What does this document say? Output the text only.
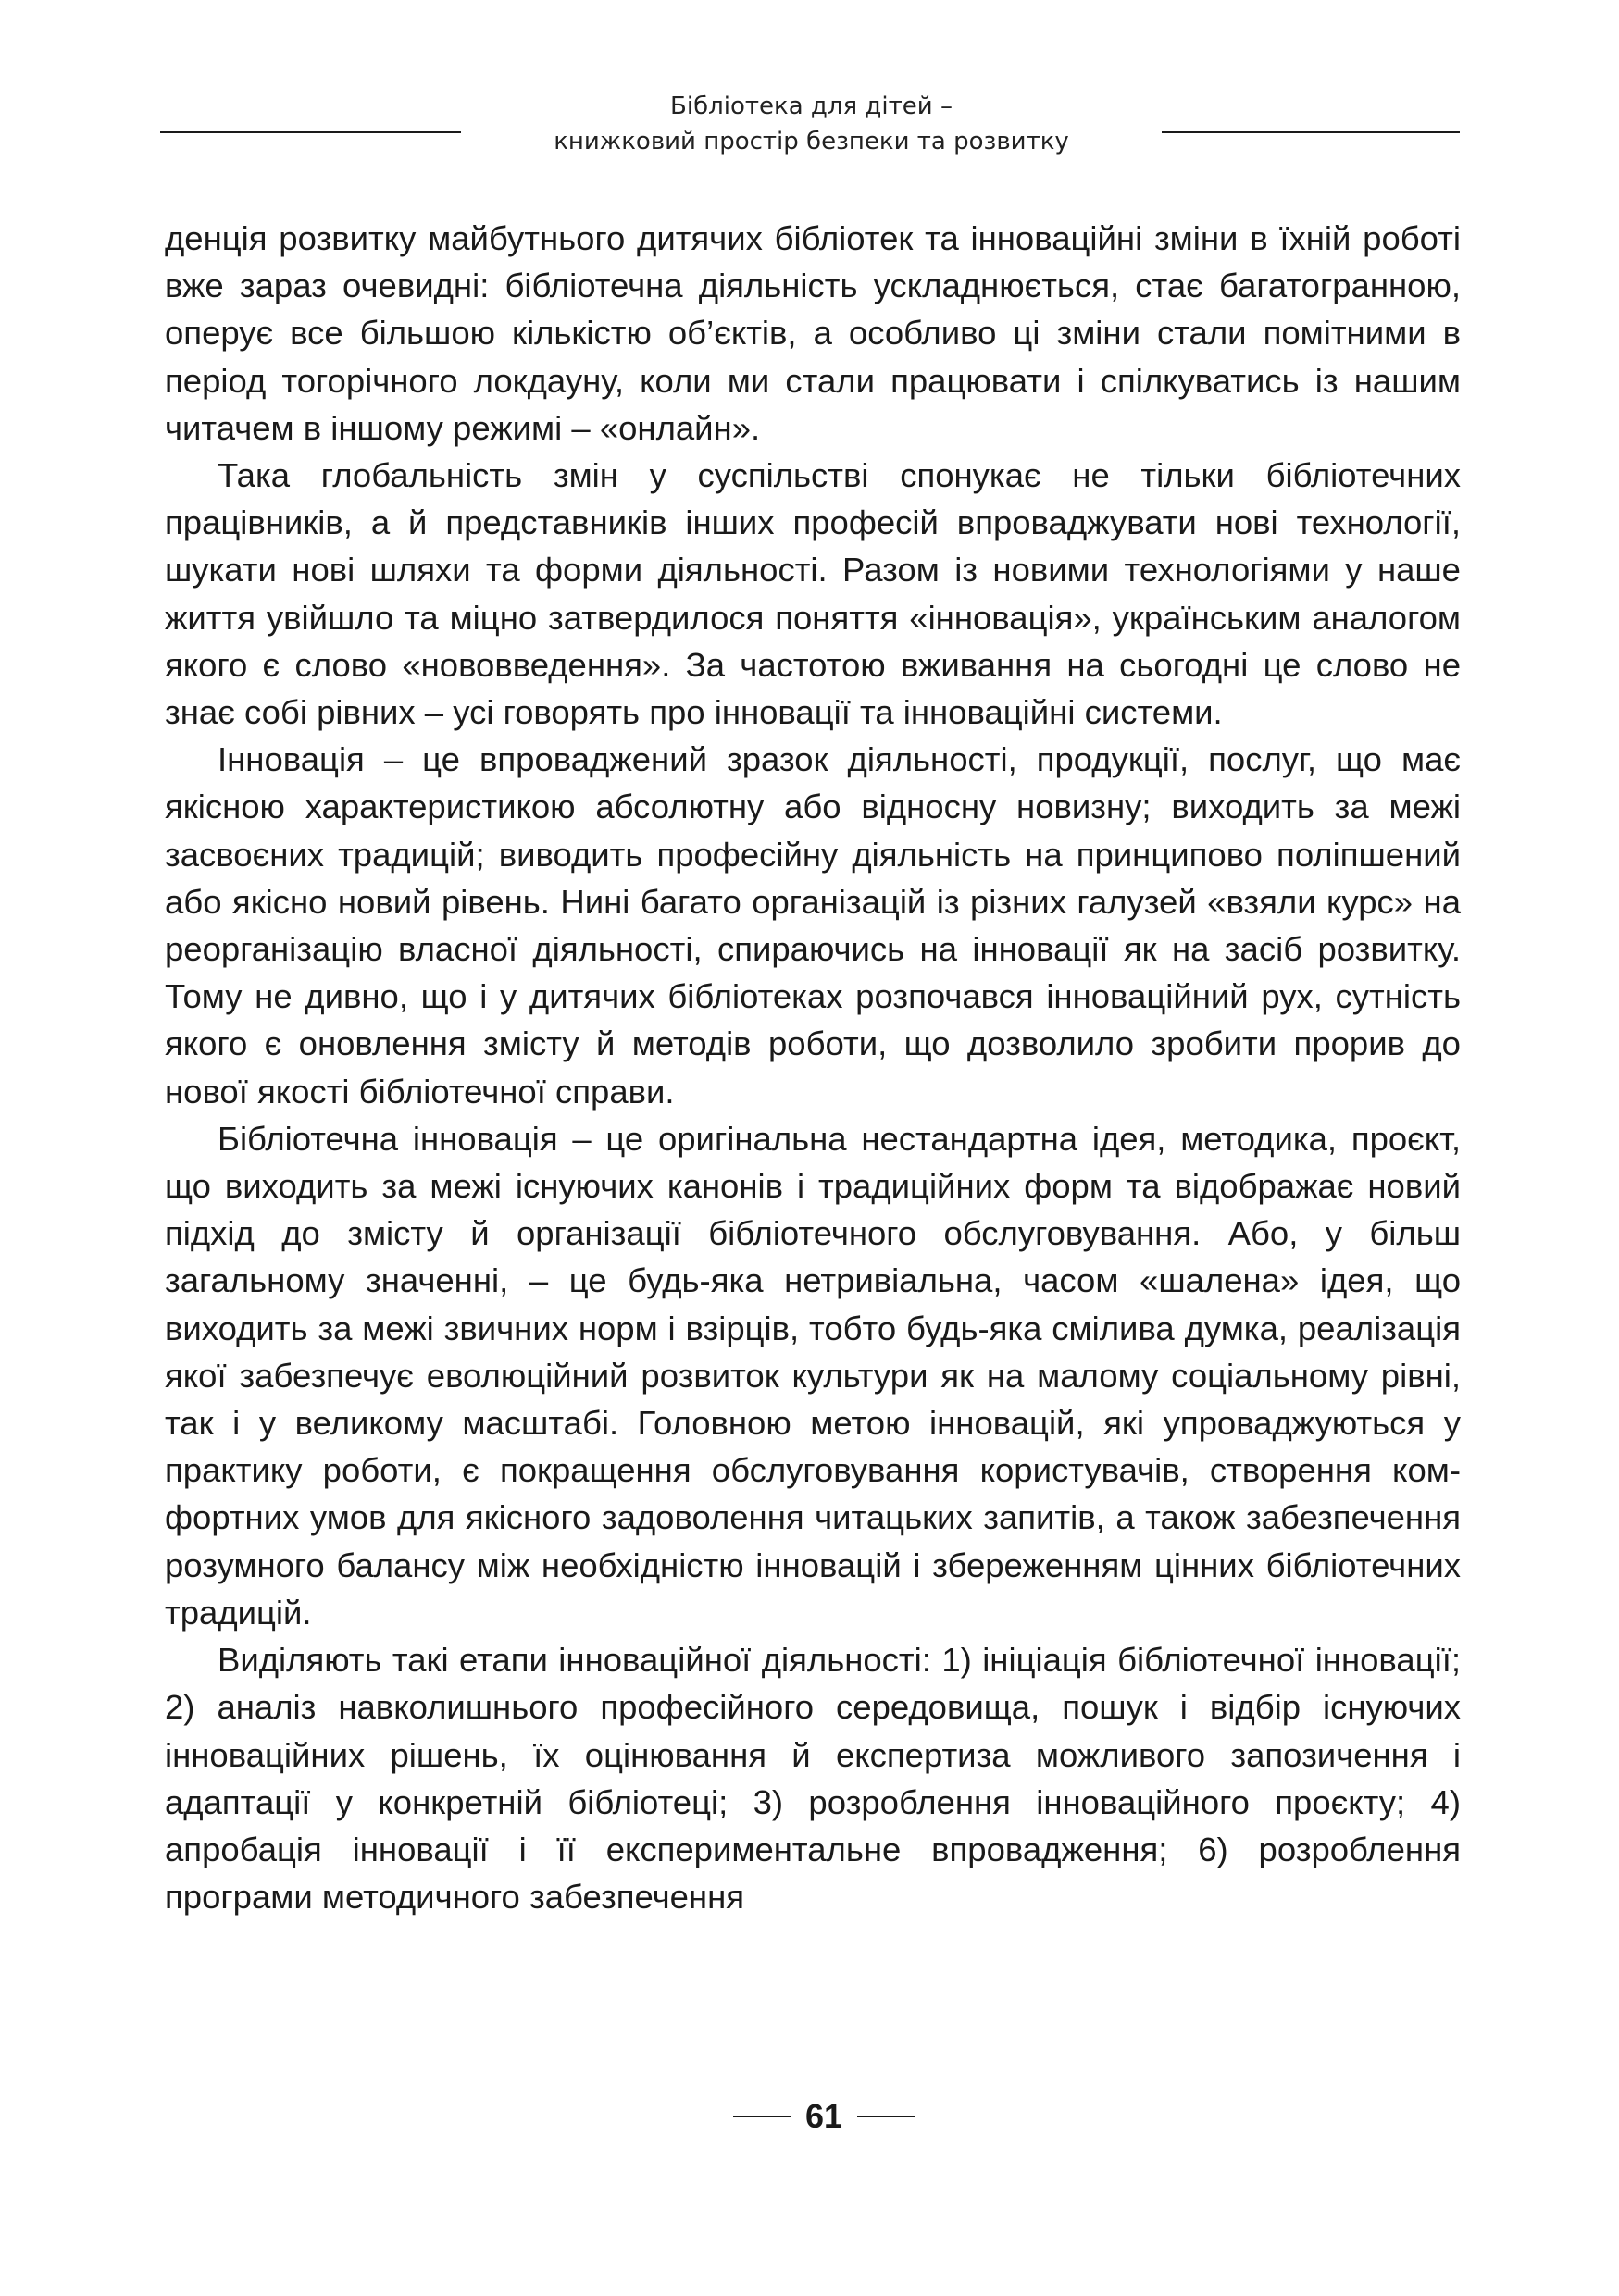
Бібліотека для дітей –
книжковий простір безпеки та розвитку

денція розвитку майбутнього дитячих бібліотек та інноваційні зміни в їхній роботі вже зараз очевидні: бібліотечна діяльність ускладнюється, стає багатогранною, оперує все більшою кількістю об’єктів, а особливо ці зміни стали помітними в період тогорічного локдауну, коли ми стали працювати і спілкуватись із нашим читачем в іншому режимі – «онлайн».

Така глобальність змін у суспільстві спонукає не тільки бібліотечних працівників, а й представників інших професій впроваджувати нові технології, шукати нові шляхи та форми діяльності. Разом із новими технологіями у наше життя увійшло та міцно затвердилося поняття «інновація», українським аналогом якого є слово «нововведення». За частотою вживання на сьогодні це слово не знає собі рівних – усі говорять про інновації та інноваційні системи.

Інновація – це впроваджений зразок діяльності, продукції, послуг, що має якісною характеристикою абсолютну або відносну новизну; виходить за межі засвоєних традицій; виводить професійну діяльність на принципово поліпшений або якісно новий рівень. Нині багато організацій із різних галузей «взяли курс» на реорганізацію власної діяльності, спираючись на інновації як на засіб розвитку. Тому не дивно, що і у дитячих бібліотеках розпочався інноваційний рух, сутність якого є оновлення змісту й методів роботи, що дозволило зробити прорив до нової якості бібліотечної справи.

Бібліотечна інновація – це оригінальна нестандартна ідея, методика, проєкт, що виходить за межі існуючих канонів і традиційних форм та відображає новий підхід до змісту й організації бібліотечного обслуговування. Або, у більш загальному значенні, – це будь-яка нетривіальна, часом «шалена» ідея, що виходить за межі звичних норм і взірців, тобто будь-яка смілива думка, реалізація якої забезпечує еволюційний розвиток культури як на малому соціальному рівні, так і у великому масштабі. Головною метою інновацій, які упроваджуються у практику роботи, є покращення обслуговування користувачів, створення комфортних умов для якісного задоволення читацьких запитів, а також забезпечення розумного балансу між необхідністю інновацій і збереженням цінних бібліотечних традицій.

Виділяють такі етапи інноваційної діяльності: 1) ініціація бібліотечної інновації; 2) аналіз навколишнього професійного середовища, пошук і відбір існуючих інноваційних рішень, їх оцінювання й експертиза можливого запозичення і адаптації у конкретній бібліотеці; 3) розроблення інноваційного проєкту; 4) апробація інновації і її експериментальне впровадження; 6) розроблення програми методичного забезпечення

61
